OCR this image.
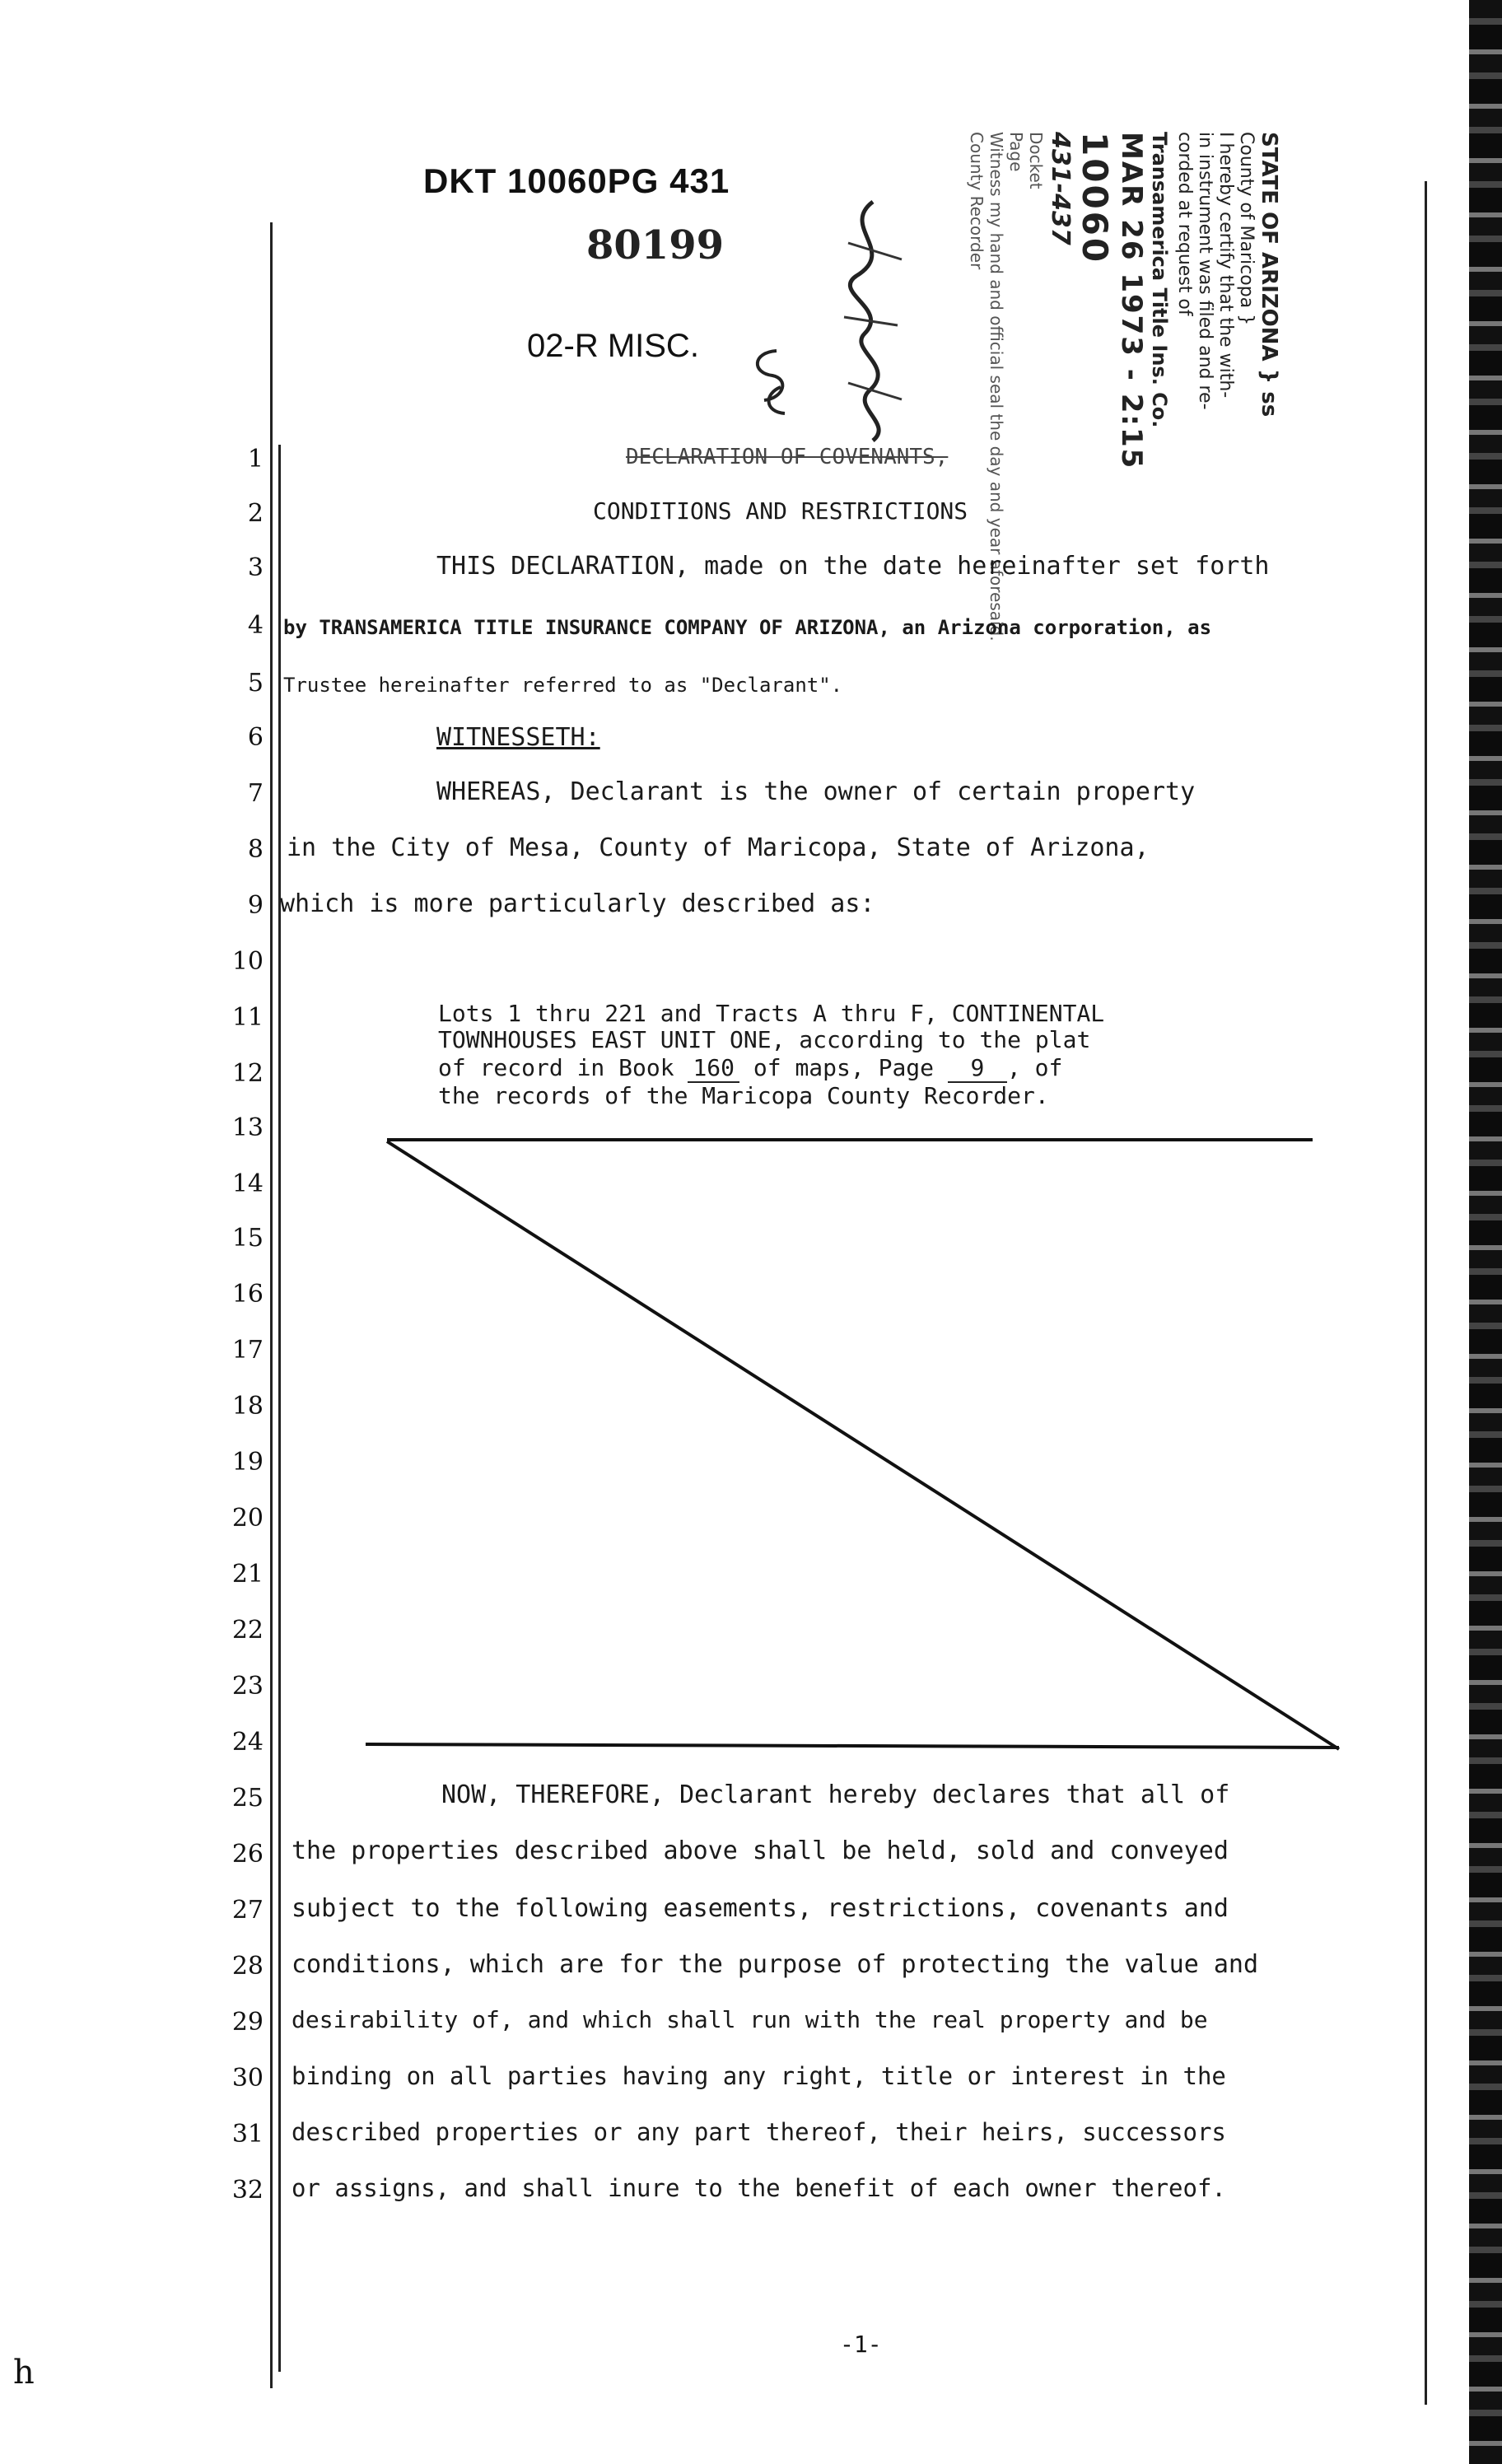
DKT 10060PG 431
80199
02-R MISC.	STATE OF ARIZONA } ss
County of Maricopa }
I hereby certify that the with-
in instrument was filed and re-
corded at request of
Transamerica Title Ins. Co.
MAR 26 1973 - 2:15
10060
431-437
Docket
Page
Witness my hand and official seal the day and year aforesaid.
County Recorder
1
2
3
4
5
6
7
8
9
10
11
12
13
14
15
16
17
18
19
20
21
22
23
24
25
26
27
28
29
30
31
32
DECLARATION OF COVENANTS,
CONDITIONS AND RESTRICTIONS
THIS DECLARATION, made on the date hereinafter set forth
by TRANSAMERICA TITLE INSURANCE COMPANY OF ARIZONA, an Arizona corporation, as
Trustee hereinafter referred to as "Declarant".
WITNESSETH:
WHEREAS, Declarant is the owner of certain property
in the City of Mesa, County of Maricopa, State of Arizona,
which is more particularly described as:
Lots 1 thru 221 and Tracts A thru F, CONTINENTAL
TOWNHOUSES EAST UNIT ONE, according to the plat
of record in Book 160 of maps, Page 9 , of
the records of the Maricopa County Recorder.
NOW, THEREFORE, Declarant hereby declares that all of
the properties described above shall be held, sold and conveyed
subject to the following easements, restrictions, covenants and
conditions, which are for the purpose of protecting the value and
desirability of, and which shall run with the real property and be
binding on all parties having any right, title or interest in the
described properties or any part thereof, their heirs, successors
or assigns, and shall inure to the benefit of each owner thereof.
-1-
h
